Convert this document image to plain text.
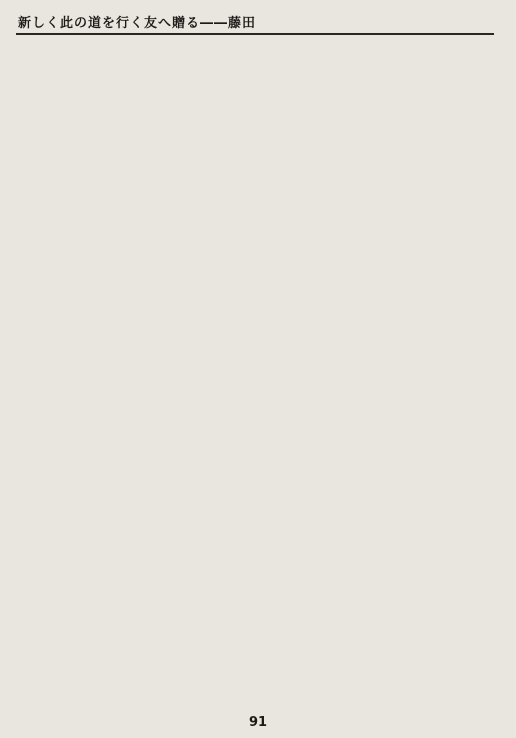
新しく此の道を行く友へ贈る――藤田
91
